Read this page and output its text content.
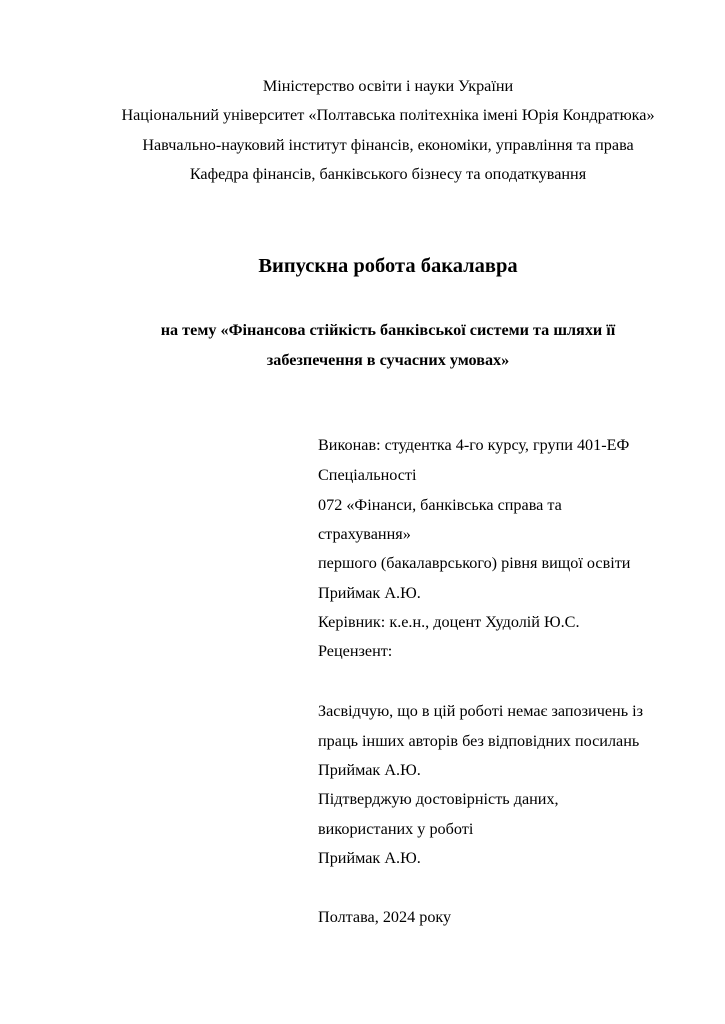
Міністерство освіти і науки України
Національний університет «Полтавська політехніка імені Юрія Кондратюка»
Навчально-науковий інститут фінансів, економіки, управління та права
Кафедра фінансів, банківського бізнесу та оподаткування
Випускна робота бакалавра
на тему «Фінансова стійкість банківської системи та шляхи її
забезпечення в сучасних умовах»
Виконав: студентка 4-го курсу, групи 401-ЕФ
Спеціальності
072 «Фінанси, банківська справа та
страхування»
першого (бакалаврського) рівня вищої освіти
Приймак А.Ю.
Керівник: к.е.н., доцент Худолій Ю.С.
Рецензент:
Засвідчую, що в цій роботі немає запозичень із
праць інших авторів без відповідних посилань
Приймак А.Ю.
Підтверджую достовірність даних,
використаних у роботі
Приймак А.Ю.
Полтава, 2024 року
